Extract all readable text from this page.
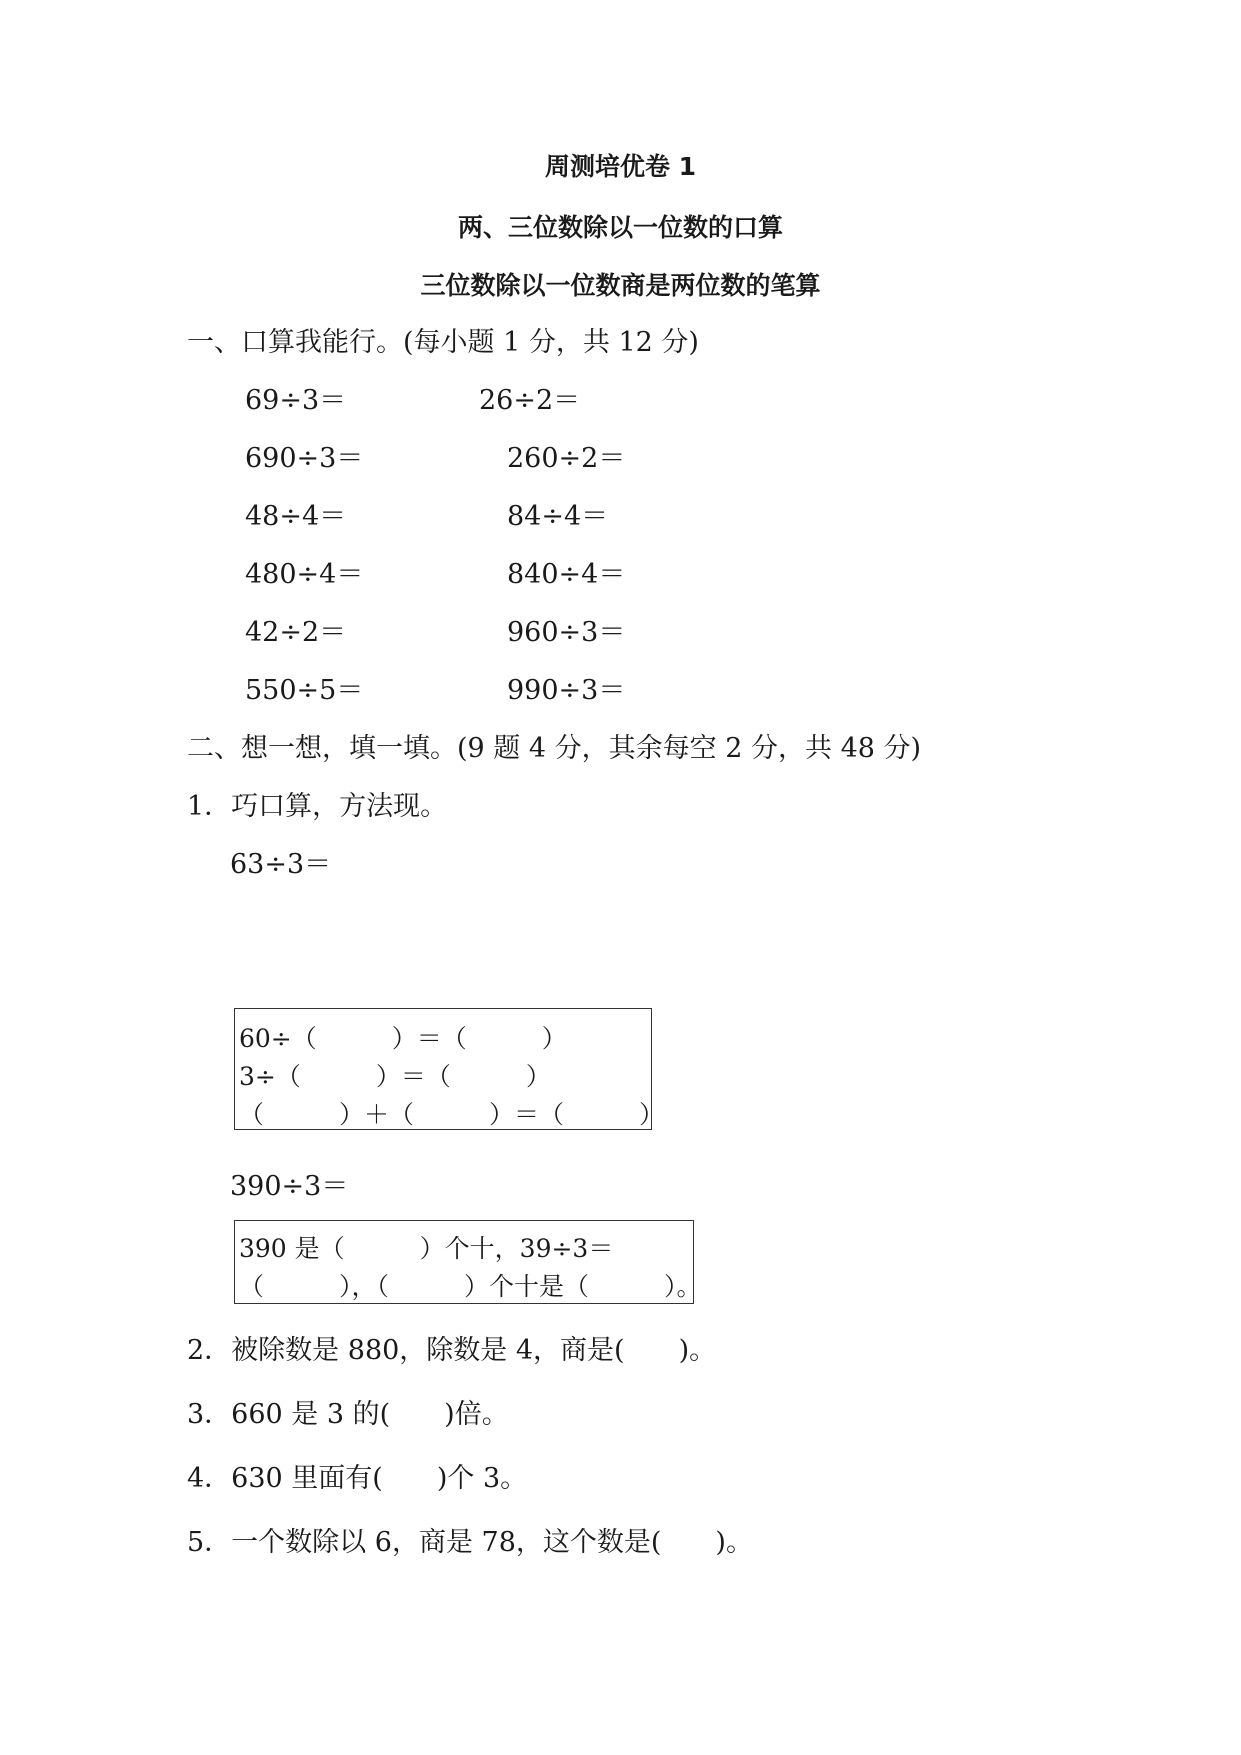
周测培优卷 1
两、三位数除以一位数的口算
三位数除以一位数商是两位数的笔算
一、口算我能行。(每小题 1 分，共 12 分)
69÷3＝	26÷2＝
690÷3＝	260÷2＝
48÷4＝	84÷4＝
480÷4＝	840÷4＝
42÷2＝	960÷3＝
550÷5＝	990÷3＝
二、想一想，填一填。(9 题 4 分，其余每空 2 分，共 48 分)
1．巧口算，方法现。
63÷3＝
60÷（　　　）＝（　　　）
3÷（　　　）＝（　　　）
（　　　）＋（　　　）＝（　　　）
390÷3＝
390 是（　　　）个十，39÷3＝
（　　　），（　　　）个十是（　　　）。
2．被除数是 880，除数是 4，商是(　　)。
3．660 是 3 的(　　)倍。
4．630 里面有(　　)个 3。
5．一个数除以 6，商是 78，这个数是(　　)。
